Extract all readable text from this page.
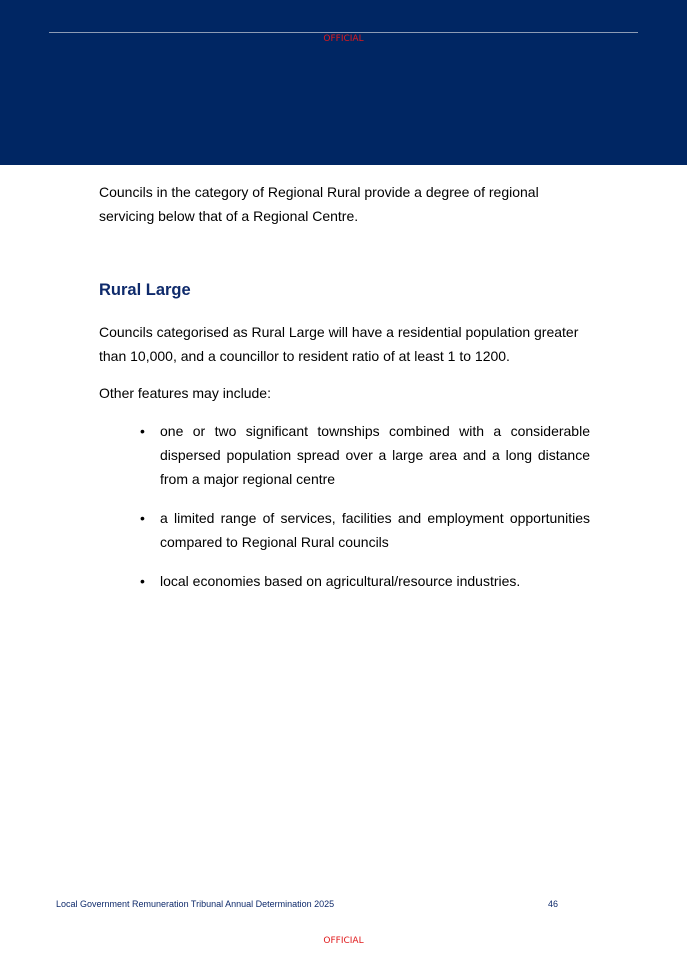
OFFICIAL

Councils in the category of Regional Rural provide a degree of regional servicing below that of a Regional Centre.

Rural Large

Councils categorised as Rural Large will have a residential population greater than 10,000, and a councillor to resident ratio of at least 1 to 1200.

Other features may include:

• one or two significant townships combined with a considerable dispersed population spread over a large area and a long distance from a major regional centre
• a limited range of services, facilities and employment opportunities compared to Regional Rural councils
• local economies based on agricultural/resource industries.
Local Government Remuneration Tribunal Annual Determination 2025	46
OFFICIAL
